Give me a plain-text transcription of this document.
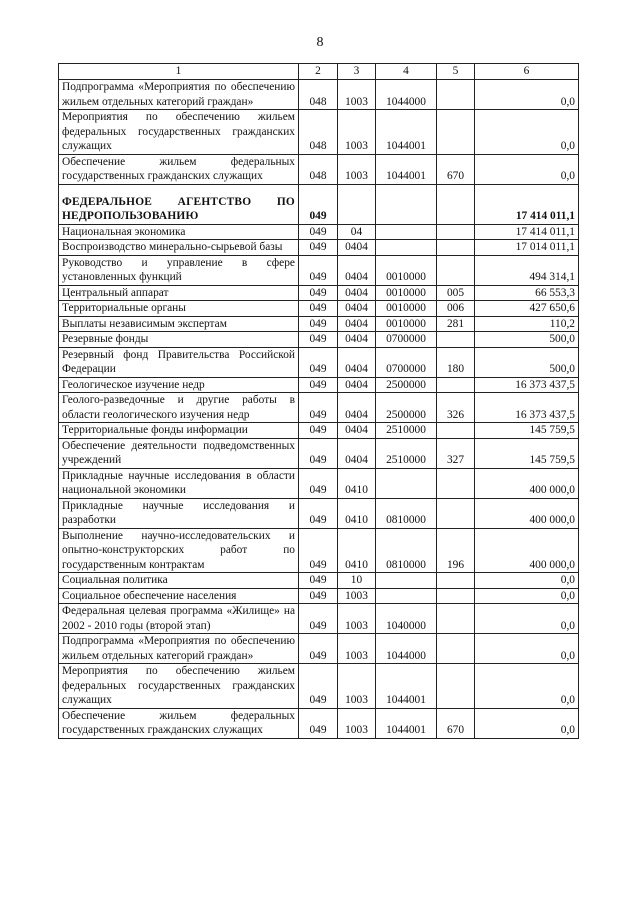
8
1	2	3	4	5	6
Подпрограмма «Мероприятия по обеспечению жильем отдельных категорий граждан»	048	1003	1044000		0,0
Мероприятия по обеспечению жильем федеральных государственных гражданских служащих	048	1003	1044001		0,0
Обеспечение жильем федеральных государственных гражданских служащих	048	1003	1044001	670	0,0
ФЕДЕРАЛЬНОЕ АГЕНТСТВО ПО НЕДРОПОЛЬЗОВАНИЮ	049				17 414 011,1
Национальная экономика	049	04			17 414 011,1
Воспроизводство минерально-сырьевой базы	049	0404			17 014 011,1
Руководство и управление в сфере установленных функций	049	0404	0010000		494 314,1
Центральный аппарат	049	0404	0010000	005	66 553,3
Территориальные органы	049	0404	0010000	006	427 650,6
Выплаты независимым экспертам	049	0404	0010000	281	110,2
Резервные фонды	049	0404	0700000		500,0
Резервный фонд Правительства Российской Федерации	049	0404	0700000	180	500,0
Геологическое изучение недр	049	0404	2500000		16 373 437,5
Геолого-разведочные и другие работы в области геологического изучения недр	049	0404	2500000	326	16 373 437,5
Территориальные фонды информации	049	0404	2510000		145 759,5
Обеспечение деятельности подведомственных учреждений	049	0404	2510000	327	145 759,5
Прикладные научные исследования в области национальной экономики	049	0410			400 000,0
Прикладные научные исследования и разработки	049	0410	0810000		400 000,0
Выполнение научно-исследовательских и опытно-конструкторских работ по государственным контрактам	049	0410	0810000	196	400 000,0
Социальная политика	049	10			0,0
Социальное обеспечение населения	049	1003			0,0
Федеральная целевая программа «Жилище» на 2002 - 2010 годы (второй этап)	049	1003	1040000		0,0
Подпрограмма «Мероприятия по обеспечению жильем отдельных категорий граждан»	049	1003	1044000		0,0
Мероприятия по обеспечению жильем федеральных государственных гражданских служащих	049	1003	1044001		0,0
Обеспечение жильем федеральных государственных гражданских служащих	049	1003	1044001	670	0,0
